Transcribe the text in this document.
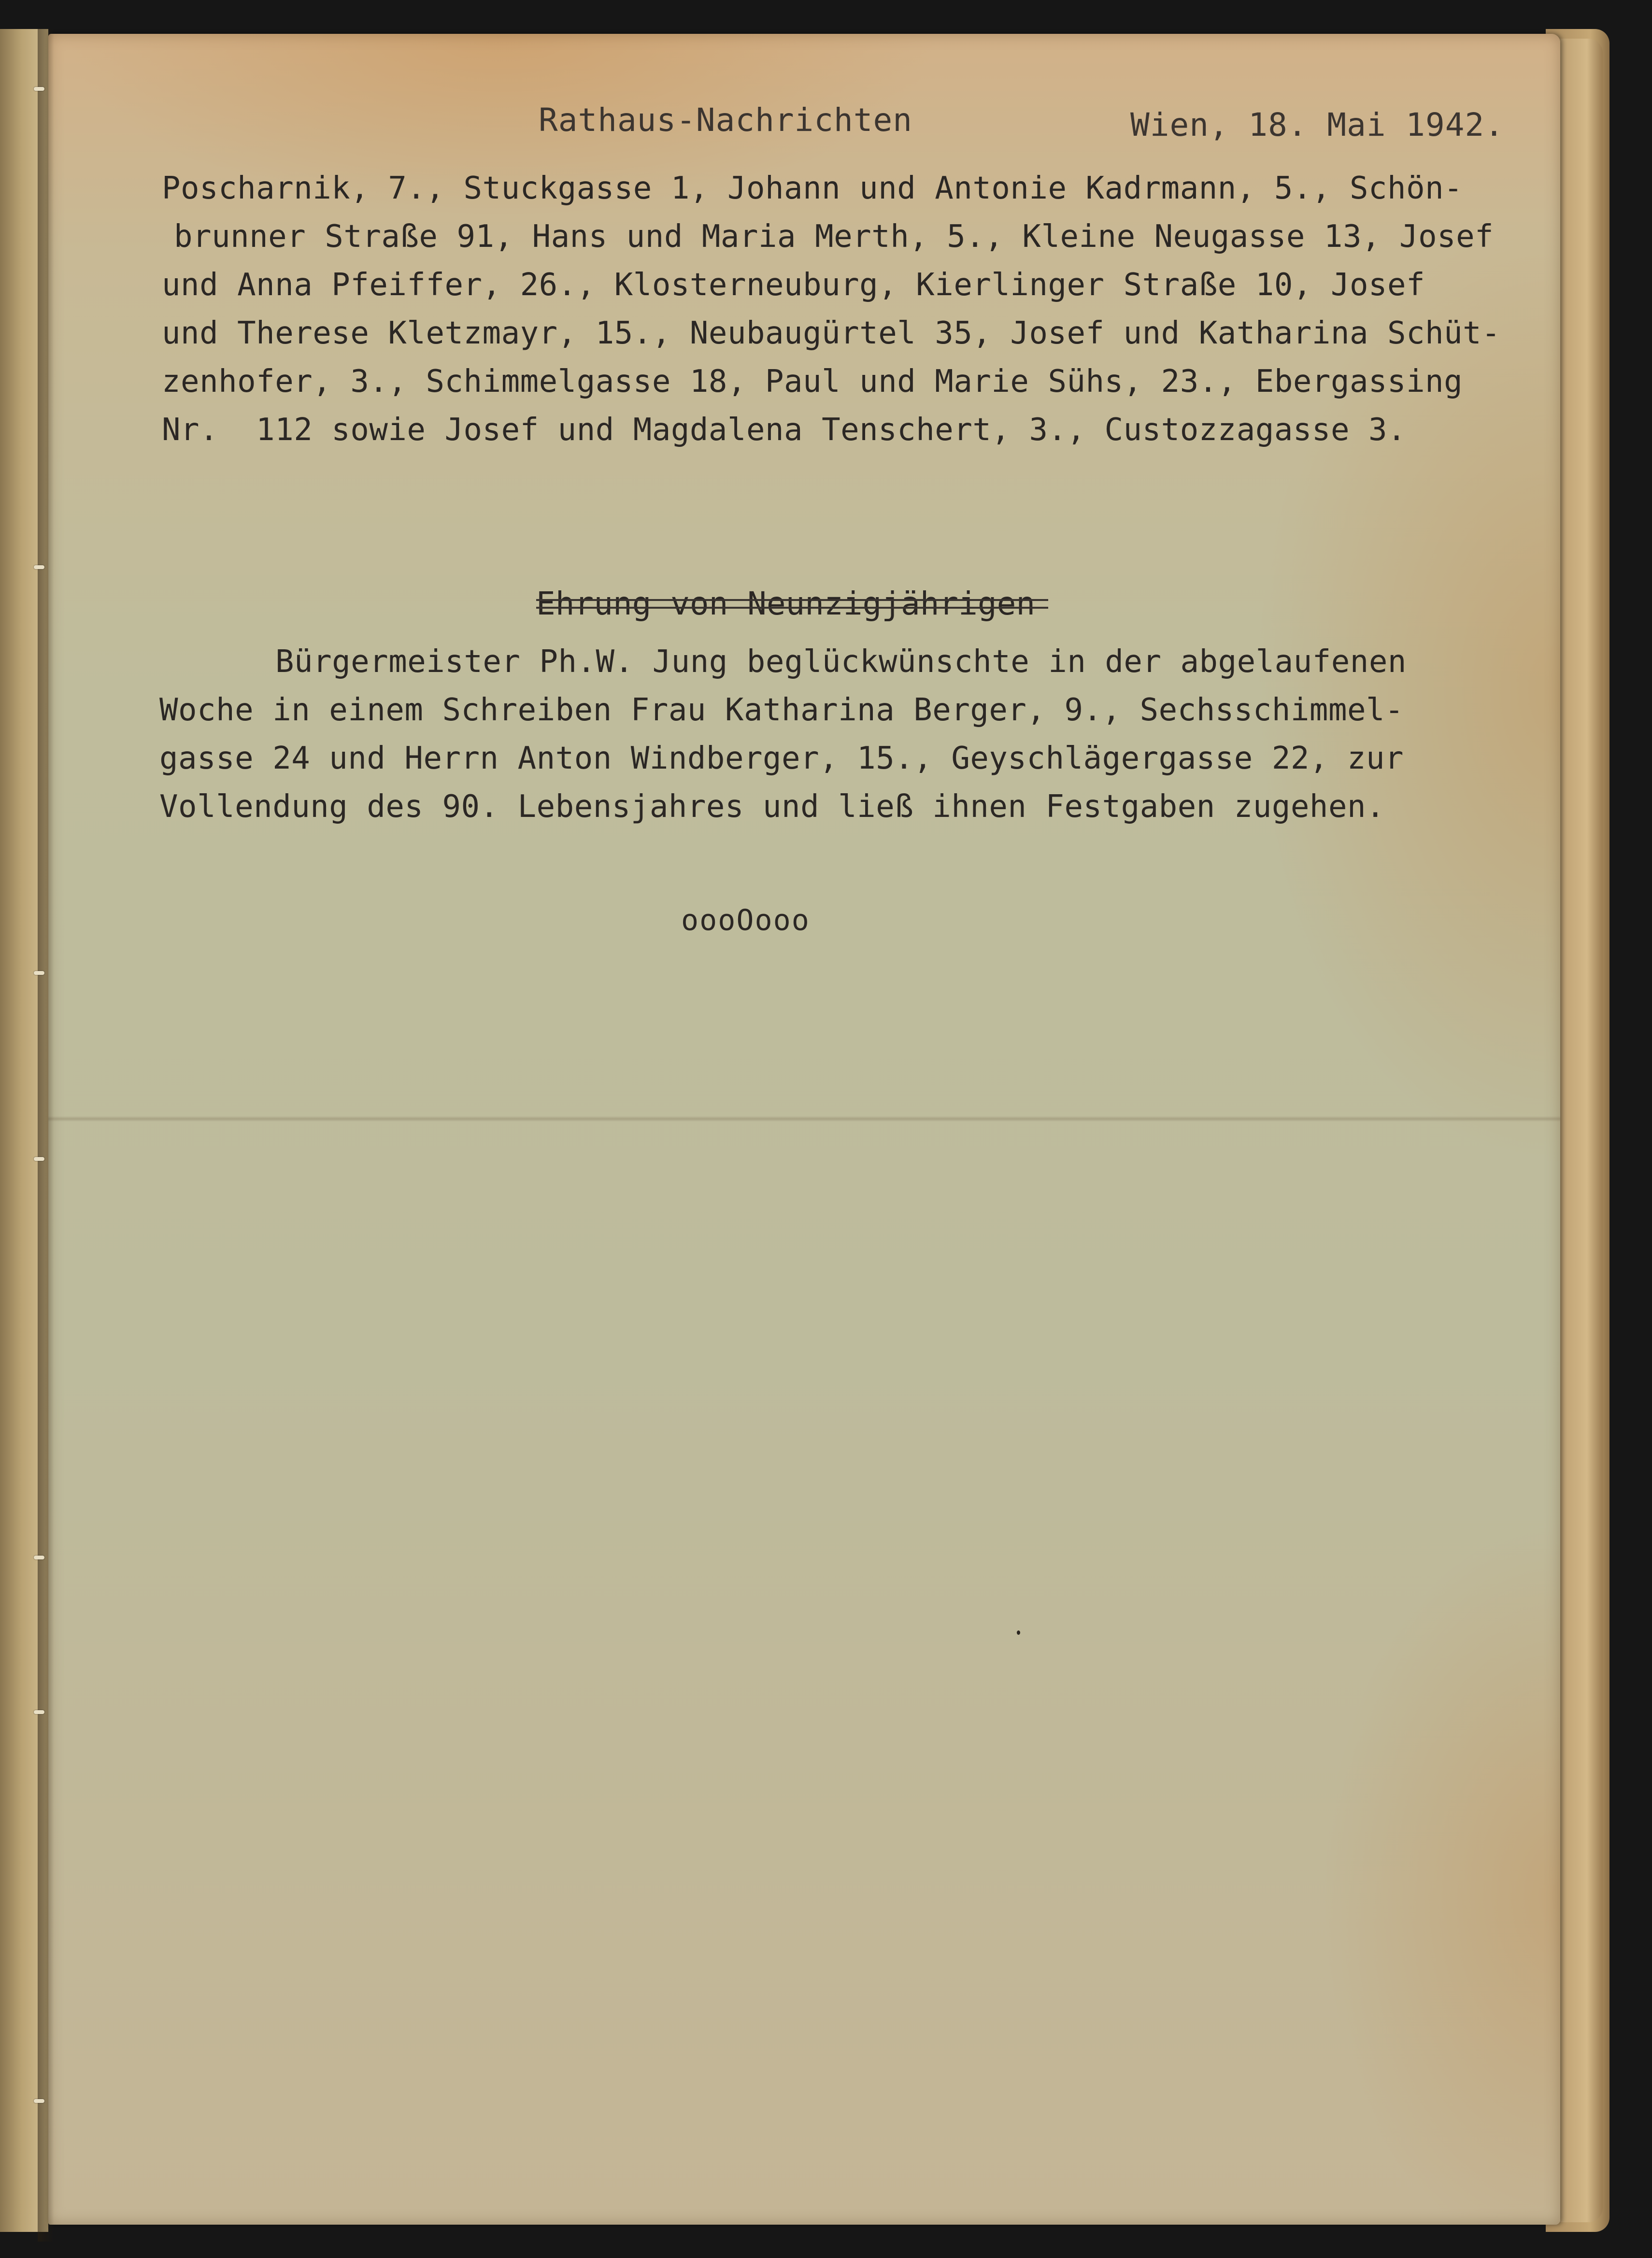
Rathaus-Nachrichten	Wien, 18. Mai 1942.

Poscharnik, 7., Stuckgasse 1, Johann und Antonie Kadrmann, 5., Schön-
brunner Straße 91, Hans und Maria Merth, 5., Kleine Neugasse 13, Josef
und Anna Pfeiffer, 26., Klosterneuburg, Kierlinger Straße 10, Josef
und Therese Kletzmayr, 15., Neubaugürtel 35, Josef und Katharina Schüt-
zenhofer, 3., Schimmelgasse 18, Paul und Marie Sühs, 23., Ebergassing
Nr.  112 sowie Josef und Magdalena Tenschert, 3., Custozzagasse 3.

Ehrung von Neunzigjährigen

Bürgermeister Ph.W. Jung beglückwünschte in der abgelaufenen
Woche in einem Schreiben Frau Katharina Berger, 9., Sechsschimmel-
gasse 24 und Herrn Anton Windberger, 15., Geyschlägergasse 22, zur
Vollendung des 90. Lebensjahres und ließ ihnen Festgaben zugehen.

oooOooo
